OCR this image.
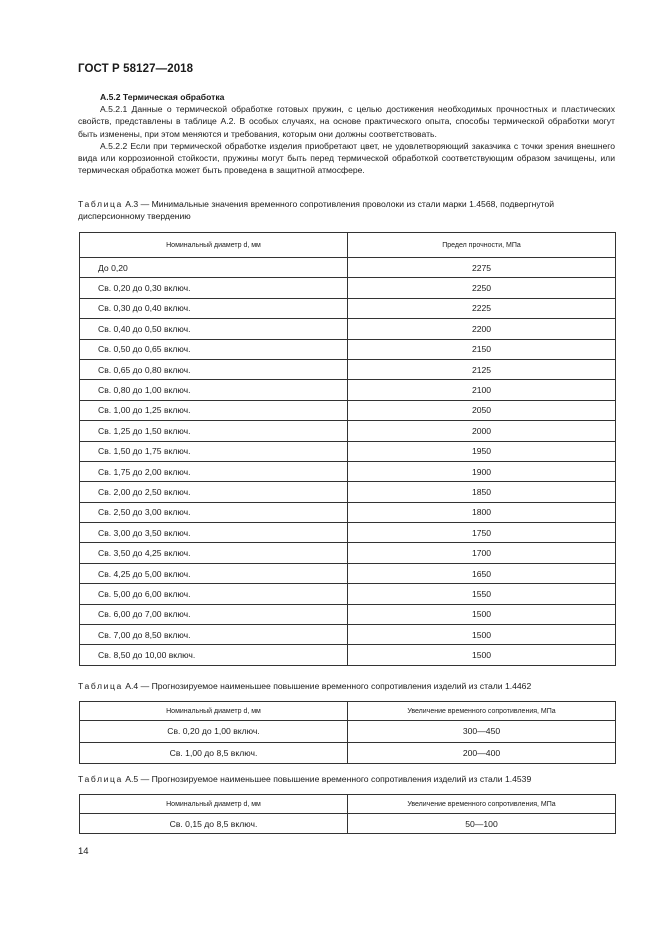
ГОСТ Р 58127—2018

А.5.2 Термическая обработка

А.5.2.1 Данные о термической обработке готовых пружин, с целью достижения необходимых прочностных и пластических свойств, представлены в таблице А.2. В особых случаях, на основе практического опыта, способы термической обработки могут быть изменены, при этом меняются и требования, которым они должны соответствовать.

А.5.2.2 Если при термической обработке изделия приобретают цвет, не удовлетворяющий заказчика с точки зрения внешнего вида или коррозионной стойкости, пружины могут быть перед термической обработкой соответствующим образом зачищены, или термическая обработка может быть проведена в защитной атмосфере.

Таблица А.3 — Минимальные значения временного сопротивления проволоки из стали марки 1.4568, подвергнутой дисперсионному твердению
Номинальный диаметр d, мм	Предел прочности, МПа
До 0,20	2275
Св. 0,20 до 0,30 включ.	2250
Св. 0,30 до 0,40 включ.	2225
Св. 0,40 до 0,50 включ.	2200
Св. 0,50 до 0,65 включ.	2150
Св. 0,65 до 0,80 включ.	2125
Св. 0,80 до 1,00 включ.	2100
Св. 1,00 до 1,25 включ.	2050
Св. 1,25 до 1,50 включ.	2000
Св. 1,50 до 1,75 включ.	1950
Св. 1,75 до 2,00 включ.	1900
Св. 2,00 до 2,50 включ.	1850
Св. 2,50 до 3,00 включ.	1800
Св. 3,00 до 3,50 включ.	1750
Св. 3,50 до 4,25 включ.	1700
Св. 4,25 до 5,00 включ.	1650
Св. 5,00 до 6,00 включ.	1550
Св. 6,00 до 7,00 включ.	1500
Св. 7,00 до 8,50 включ.	1500
Св. 8,50 до 10,00 включ.	1500
Таблица А.4 — Прогнозируемое наименьшее повышение временного сопротивления изделий из стали 1.4462
Номинальный диаметр d, мм	Увеличение временного сопротивления, МПа
Св. 0,20 до 1,00 включ.	300—450
Св. 1,00 до 8,5 включ.	200—400
Таблица А.5 — Прогнозируемое наименьшее повышение временного сопротивления изделий из стали 1.4539
Номинальный диаметр d, мм	Увеличение временного сопротивления, МПа
Св. 0,15 до 8,5 включ.	50—100
14
